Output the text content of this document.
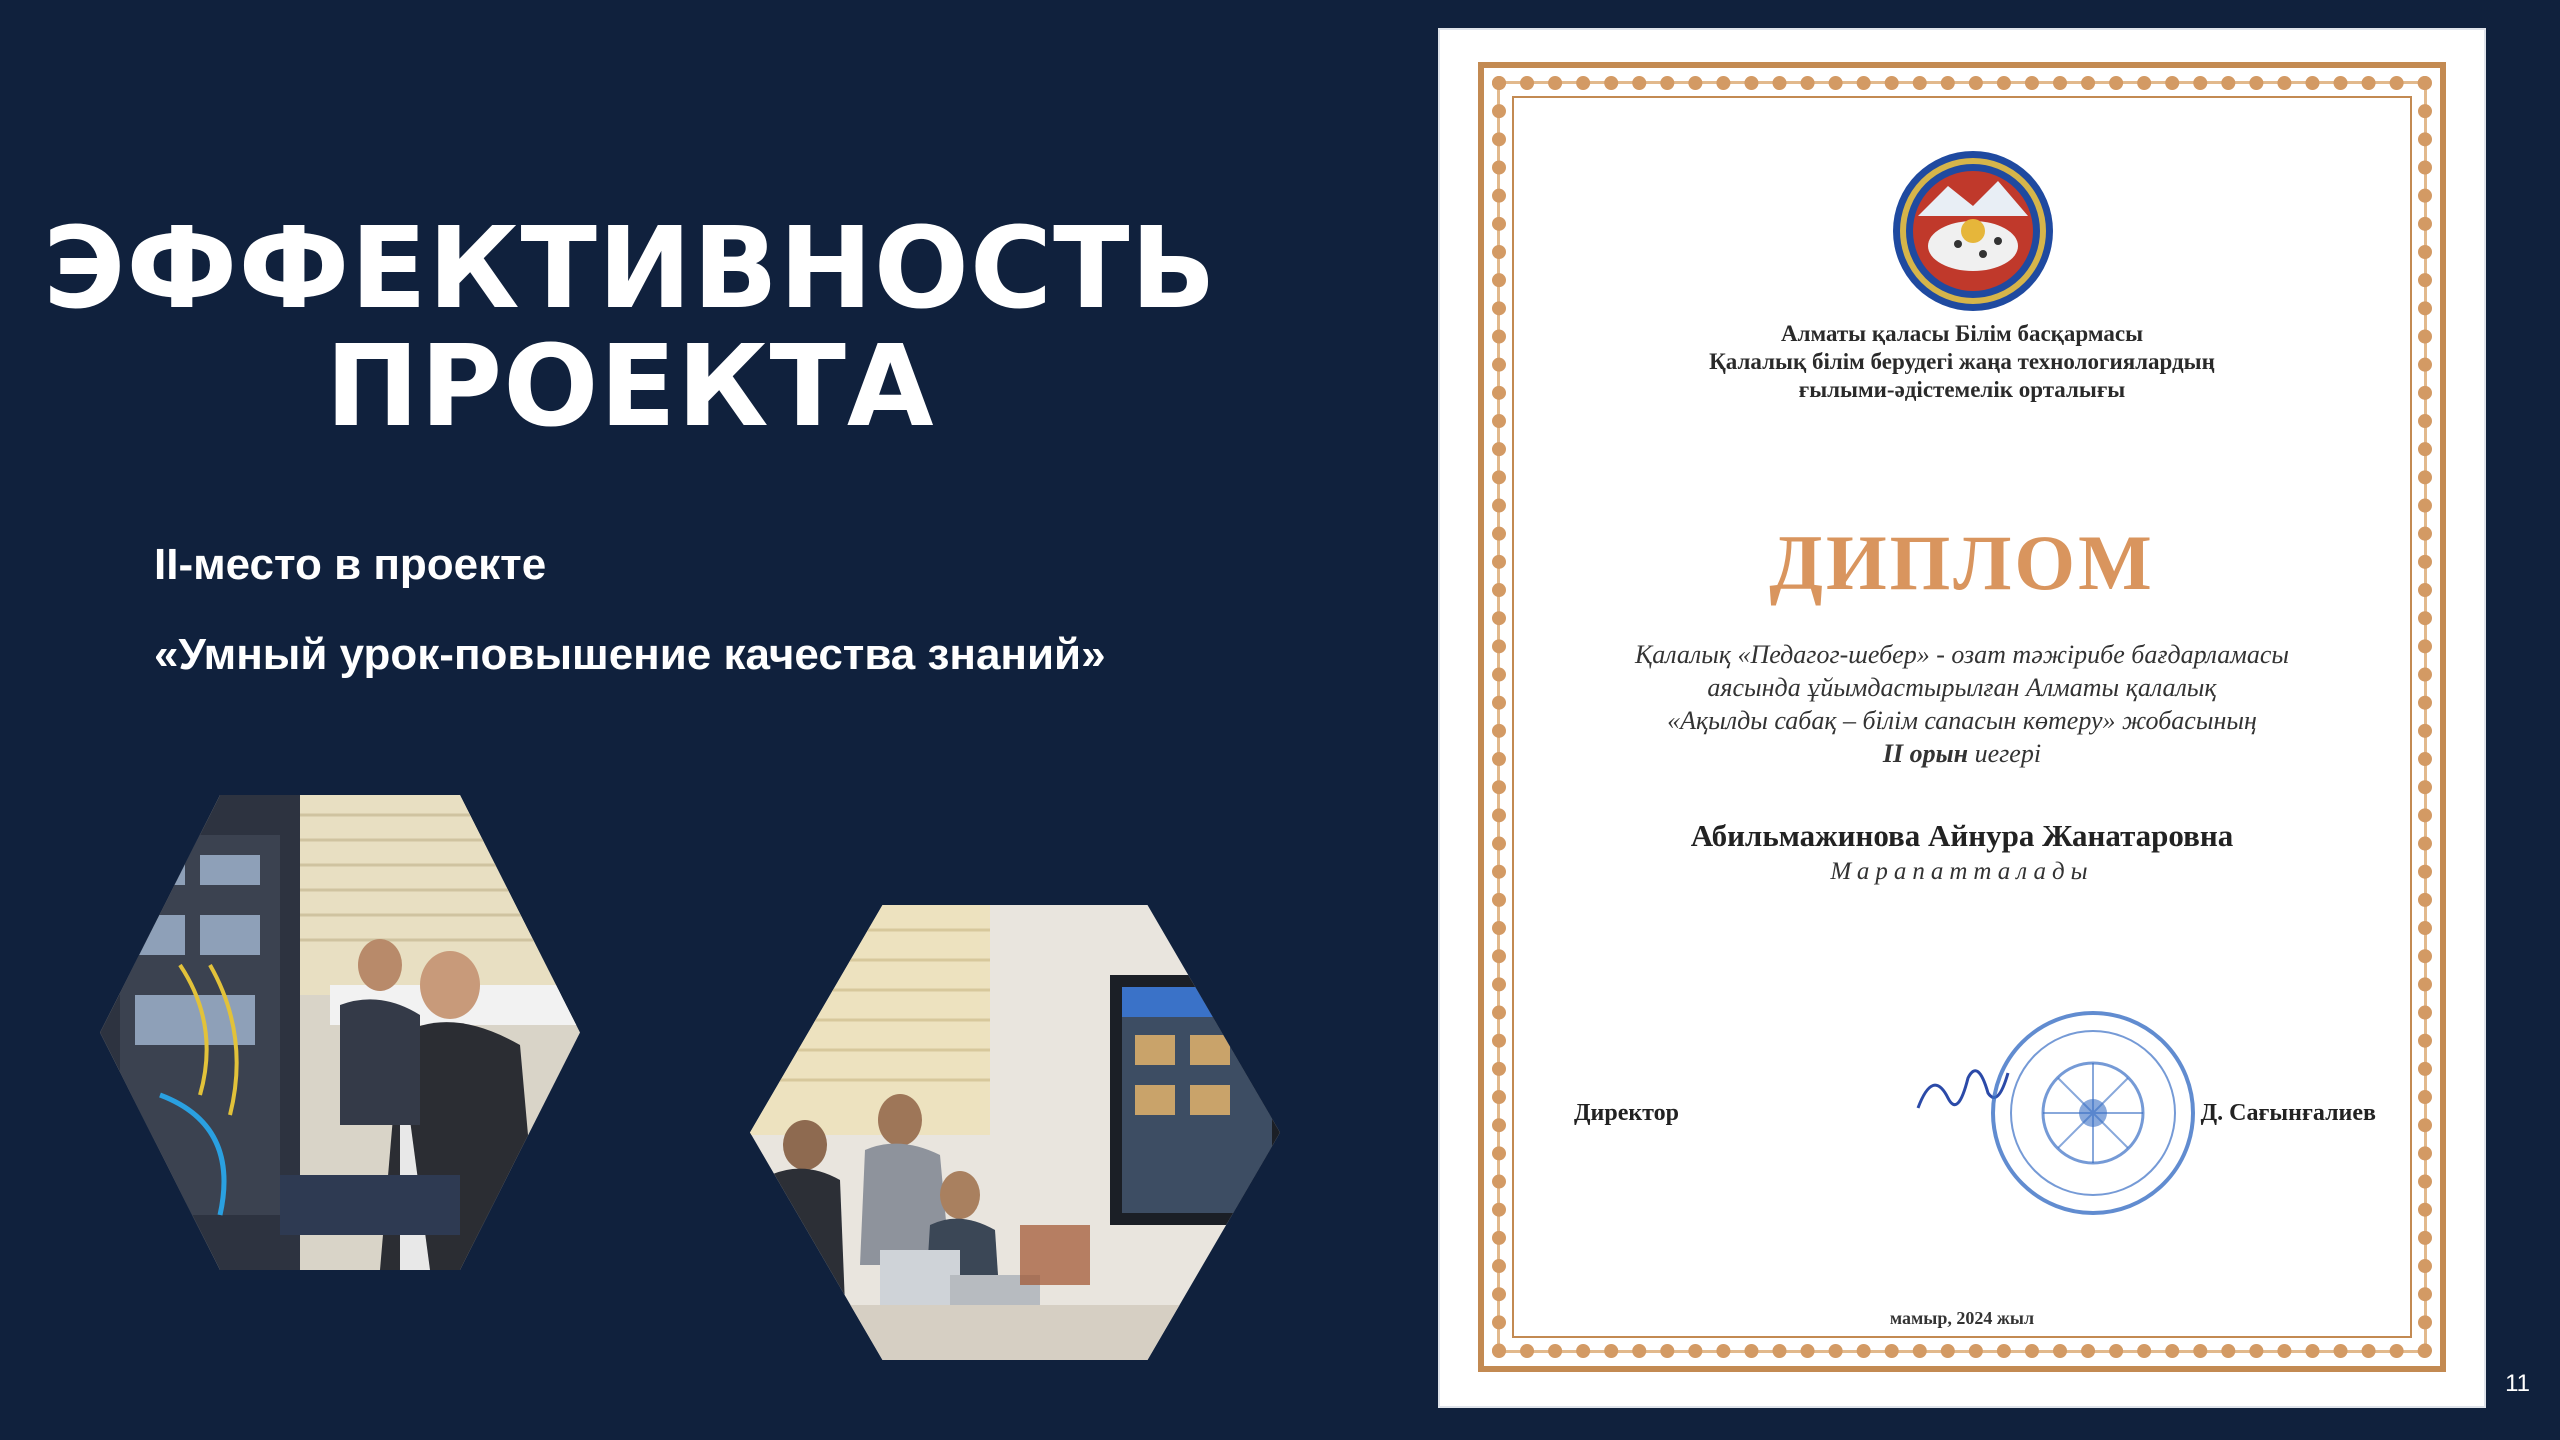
ЭФФЕКТИВНОСТЬ
ПРОЕКТА
II-место в проекте
«Умный урок-повышение качества знаний»
Алматы қаласы Білім басқармасы
Қалалық білім берудегі жаңа технологиялардың
ғылыми-әдістемелік орталығы
ДИПЛОМ
Қалалық «Педагог-шебер» - озат тәжірибе бағдарламасы
аясында ұйымдастырылған Алматы қалалық
«Ақылды сабақ – білім сапасын көтеру» жобасының
II орын иегері
Абильмажинова Айнура Жанатаровна
Марапатталады
Директор	Д. Сағынғалиев
мамыр, 2024 жыл
11
